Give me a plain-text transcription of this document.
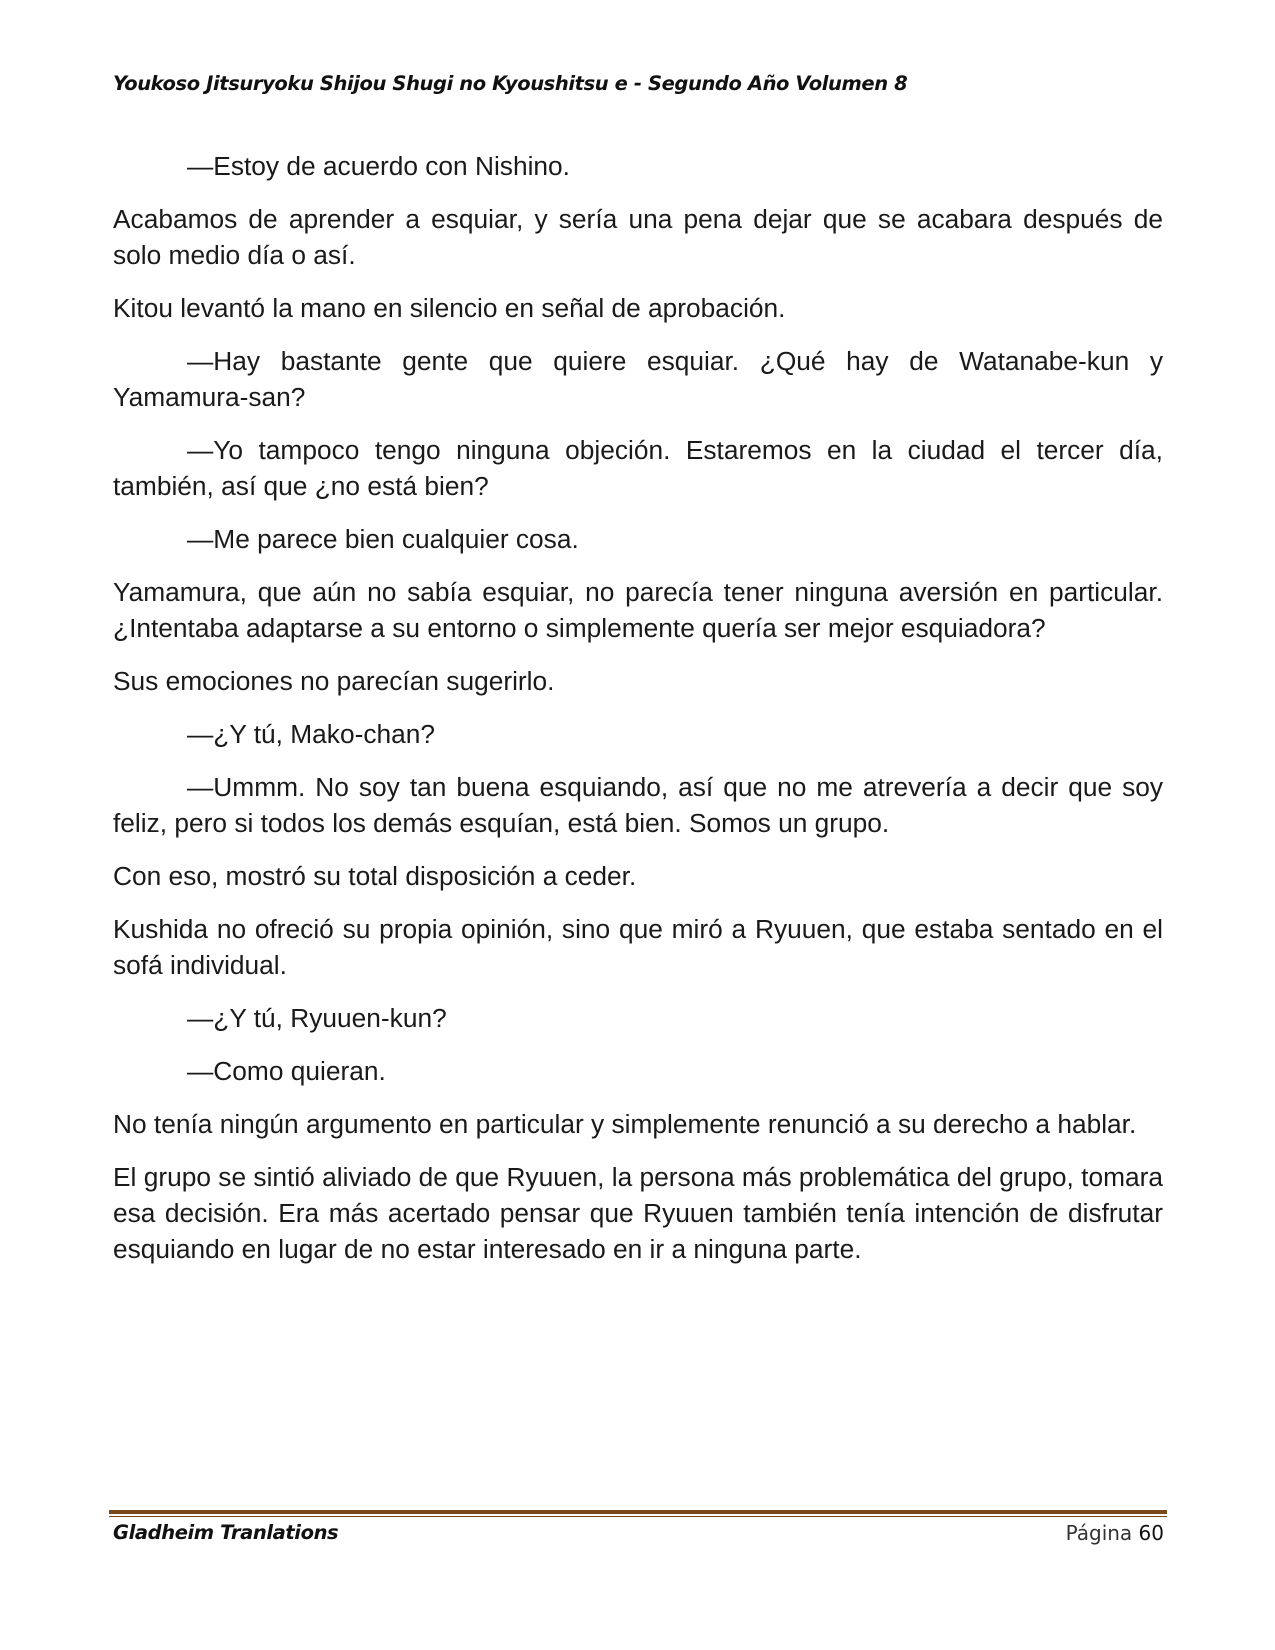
Youkoso Jitsuryoku Shijou Shugi no Kyoushitsu e - Segundo Año Volumen 8

—Estoy de acuerdo con Nishino.

Acabamos de aprender a esquiar, y sería una pena dejar que se acabara después de solo medio día o así.

Kitou levantó la mano en silencio en señal de aprobación.

—Hay bastante gente que quiere esquiar. ¿Qué hay de Watanabe-kun y Yamamura-san?

—Yo tampoco tengo ninguna objeción. Estaremos en la ciudad el tercer día, también, así que ¿no está bien?

—Me parece bien cualquier cosa.

Yamamura, que aún no sabía esquiar, no parecía tener ninguna aversión en particular. ¿Intentaba adaptarse a su entorno o simplemente quería ser mejor esquiadora?

Sus emociones no parecían sugerirlo.

—¿Y tú, Mako-chan?

—Ummm. No soy tan buena esquiando, así que no me atrevería a decir que soy feliz, pero si todos los demás esquían, está bien. Somos un grupo.

Con eso, mostró su total disposición a ceder.

Kushida no ofreció su propia opinión, sino que miró a Ryuuen, que estaba sentado en el sofá individual.

—¿Y tú, Ryuuen-kun?

—Como quieran.

No tenía ningún argumento en particular y simplemente renunció a su derecho a hablar.

El grupo se sintió aliviado de que Ryuuen, la persona más problemática del grupo, tomara esa decisión. Era más acertado pensar que Ryuuen también tenía intención de disfrutar esquiando en lugar de no estar interesado en ir a ninguna parte.

Gladheim Tranlations	Página 60
